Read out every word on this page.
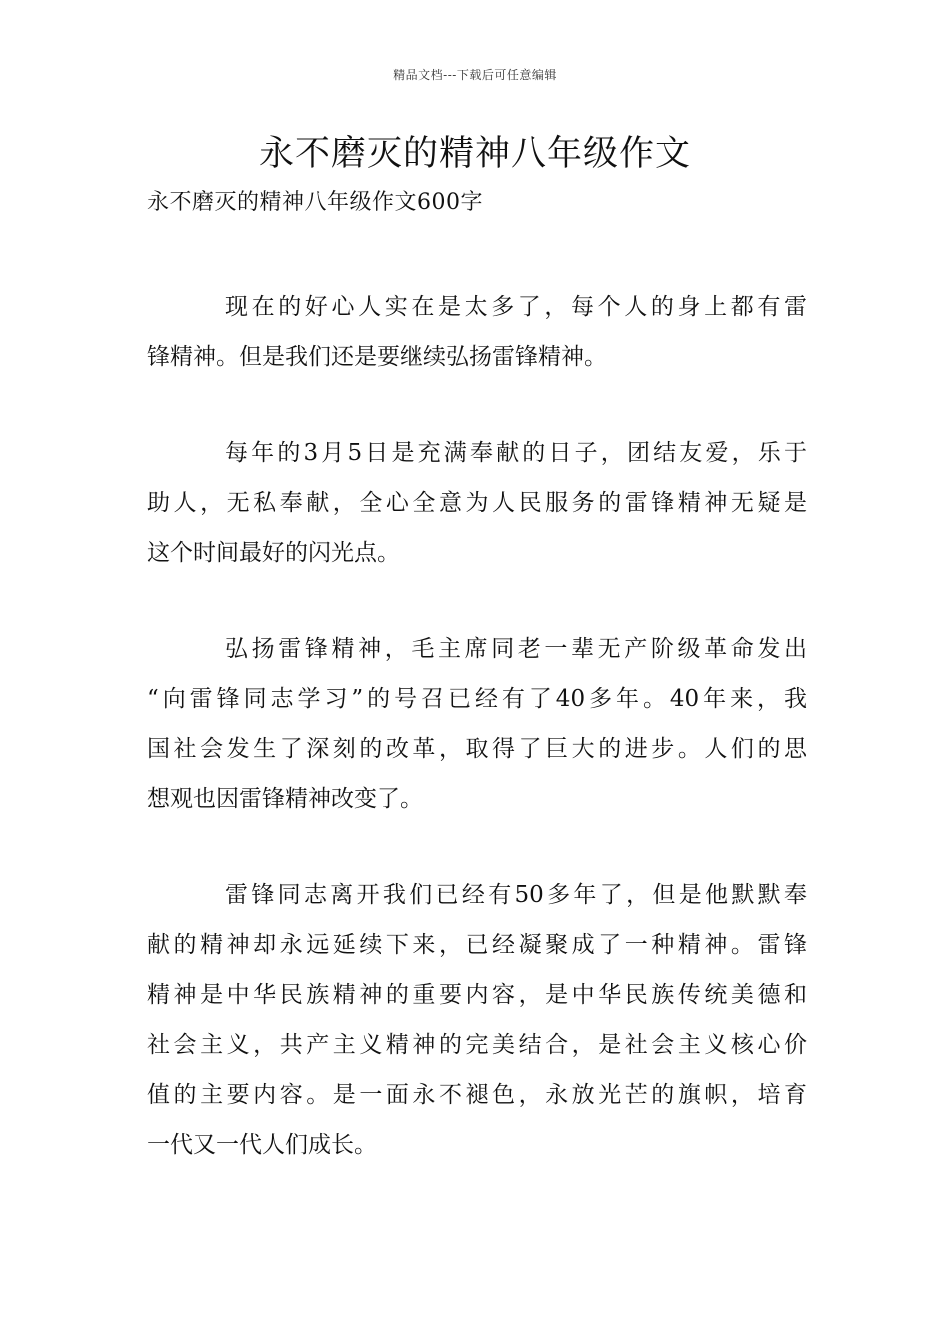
精品文档---下载后可任意编辑
永不磨灭的精神八年级作文

永不磨灭的精神八年级作文600字

现在的好心人实在是太多了，每个人的身上都有雷
锋精神。但是我们还是要继续弘扬雷锋精神。
每年的3月5日是充满奉献的日子，团结友爱，乐于
助人，无私奉献，全心全意为人民服务的雷锋精神无疑是
这个时间最好的闪光点。
弘扬雷锋精神，毛主席同老一辈无产阶级革命发出
“向雷锋同志学习”的号召已经有了40多年。40年来，我
国社会发生了深刻的改革，取得了巨大的进步。人们的思
想观也因雷锋精神改变了。
雷锋同志离开我们已经有50多年了，但是他默默奉
献的精神却永远延续下来，已经凝聚成了一种精神。雷锋
精神是中华民族精神的重要内容，是中华民族传统美德和
社会主义，共产主义精神的完美结合，是社会主义核心价
值的主要内容。是一面永不褪色，永放光芒的旗帜，培育
一代又一代人们成长。
